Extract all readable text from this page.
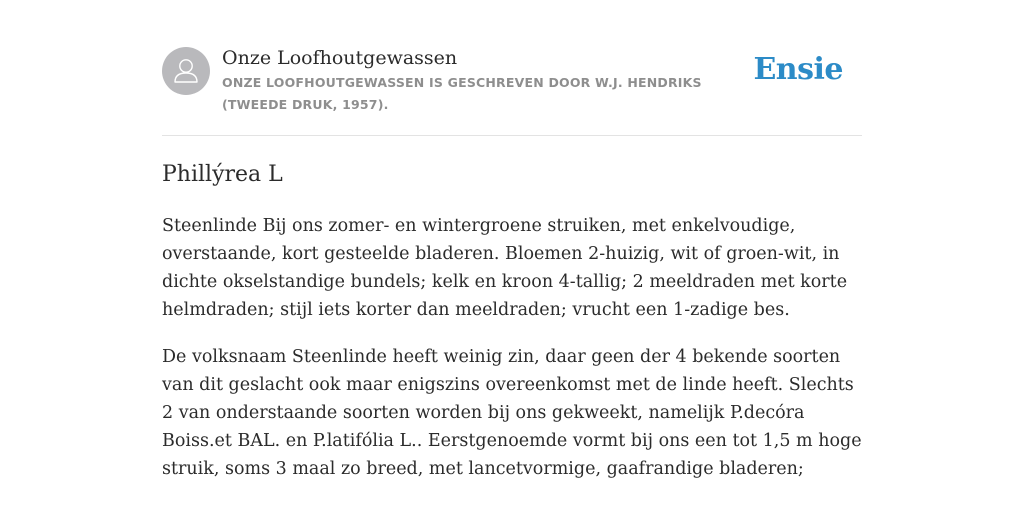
Onze Loofhoutgewassen
ONZE LOOFHOUTGEWASSEN IS GESCHREVEN DOOR W.J. HENDRIKS (TWEEDE DRUK, 1957).
Ensie
Phillýrea L

Steenlinde Bij ons zomer- en wintergroene struiken, met enkelvoudige, overstaande, kort gesteelde bladeren. Bloemen 2-huizig, wit of groen-wit, in dichte okselstandige bundels; kelk en kroon 4-tallig; 2 meeldraden met korte helmdraden; stijl iets korter dan meeldraden; vrucht een 1-zadige bes.

De volksnaam Steenlinde heeft weinig zin, daar geen der 4 bekende soorten van dit geslacht ook maar enigszins overeenkomst met de linde heeft. Slechts 2 van onderstaande soorten worden bij ons gekweekt, namelijk P.decóra Boiss.et BAL. en P.latifólia L.. Eerstgenoemde vormt bij ons een tot 1,5 m hoge struik, soms 3 maal zo breed, met lancetvormige, gaafrandige bladeren;
